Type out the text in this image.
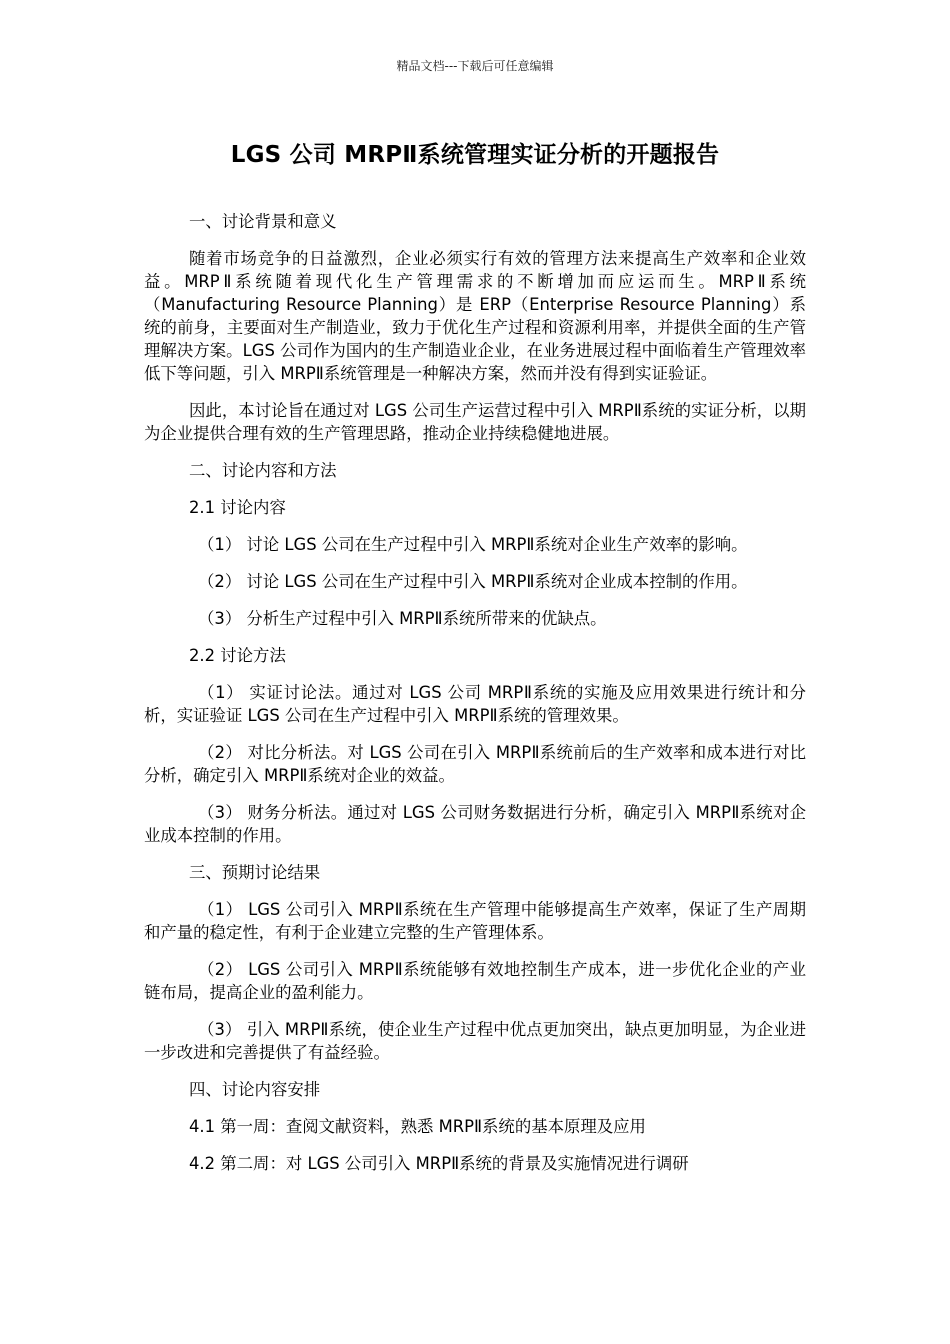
精品文档---下载后可任意编辑
LGS 公司 MRPⅡ系统管理实证分析的开题报告
一、讨论背景和意义

随着市场竞争的日益激烈，企业必须实行有效的管理方法来提高生产效率和企业效益。MRPⅡ系统随着现代化生产管理需求的不断增加而应运而生。MRPⅡ系统（Manufacturing Resource Planning）是 ERP（Enterprise Resource Planning）系统的前身，主要面对生产制造业，致力于优化生产过程和资源利用率，并提供全面的生产管理解决方案。LGS 公司作为国内的生产制造业企业，在业务进展过程中面临着生产管理效率低下等问题，引入 MRPⅡ系统管理是一种解决方案，然而并没有得到实证验证。

因此，本讨论旨在通过对 LGS 公司生产运营过程中引入 MRPⅡ系统的实证分析，以期为企业提供合理有效的生产管理思路，推动企业持续稳健地进展。

二、讨论内容和方法
2.1 讨论内容

（1） 讨论 LGS 公司在生产过程中引入 MRPⅡ系统对企业生产效率的影响。

（2） 讨论 LGS 公司在生产过程中引入 MRPⅡ系统对企业成本控制的作用。

（3） 分析生产过程中引入 MRPⅡ系统所带来的优缺点。

2.2 讨论方法

（1） 实证讨论法。通过对 LGS 公司 MRPⅡ系统的实施及应用效果进行统计和分析，实证验证 LGS 公司在生产过程中引入 MRPⅡ系统的管理效果。

（2） 对比分析法。对 LGS 公司在引入 MRPⅡ系统前后的生产效率和成本进行对比分析，确定引入 MRPⅡ系统对企业的效益。

（3） 财务分析法。通过对 LGS 公司财务数据进行分析，确定引入 MRPⅡ系统对企业成本控制的作用。

三、预期讨论结果

（1） LGS 公司引入 MRPⅡ系统在生产管理中能够提高生产效率，保证了生产周期和产量的稳定性，有利于企业建立完整的生产管理体系。

（2） LGS 公司引入 MRPⅡ系统能够有效地控制生产成本，进一步优化企业的产业链布局，提高企业的盈利能力。

（3） 引入 MRPⅡ系统，使企业生产过程中优点更加突出，缺点更加明显，为企业进一步改进和完善提供了有益经验。

四、讨论内容安排
4.1 第一周：查阅文献资料，熟悉 MRPⅡ系统的基本原理及应用
4.2 第二周：对 LGS 公司引入 MRPⅡ系统的背景及实施情况进行调研
